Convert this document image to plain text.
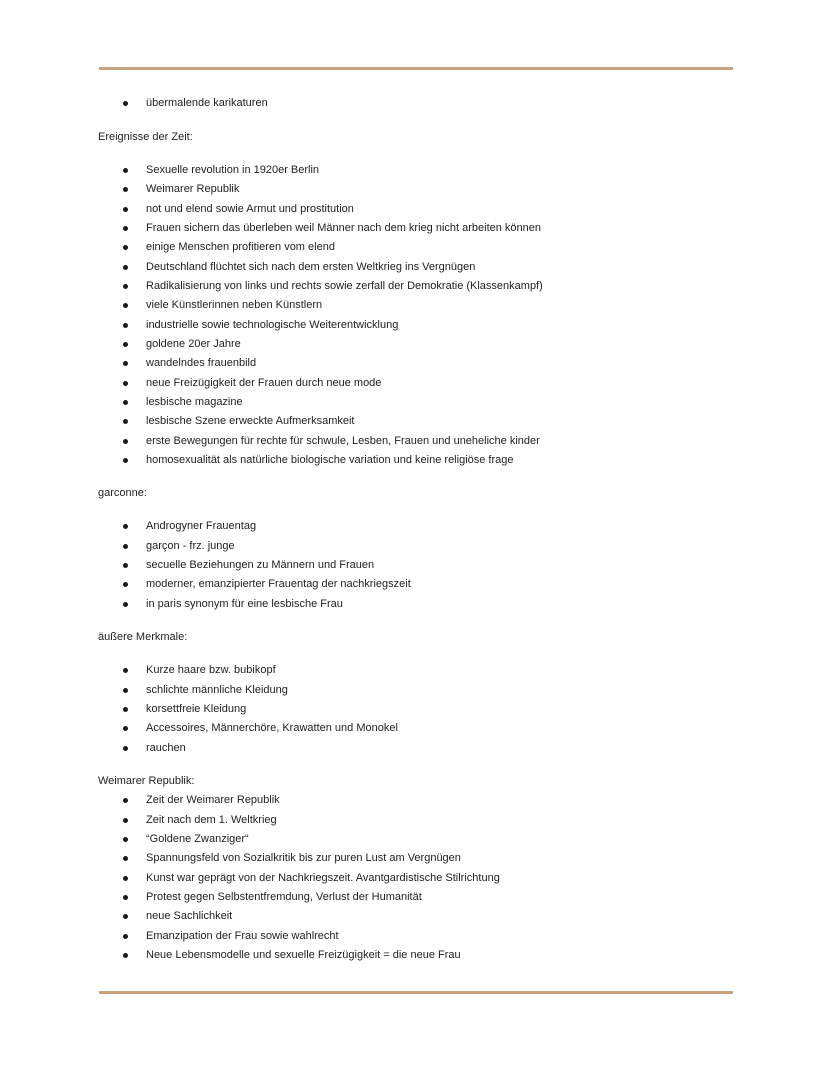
übermalende karikaturen
Ereignisse der Zeit:
Sexuelle revolution in 1920er Berlin
Weimarer Republik
not und elend sowie Armut und prostitution
Frauen sichern das überleben weil Männer nach dem krieg nicht arbeiten können
einige Menschen profitieren vom elend
Deutschland flüchtet sich nach dem ersten Weltkrieg ins Vergnügen
Radikalisierung von links und rechts sowie zerfall der Demokratie (Klassenkampf)
viele Künstlerinnen neben Künstlern
industrielle sowie technologische Weiterentwicklung
goldene 20er Jahre
wandelndes frauenbild
neue Freizügigkeit der Frauen durch neue mode
lesbische magazine
lesbische Szene erweckte Aufmerksamkeit
erste Bewegungen für rechte für schwule, Lesben, Frauen und uneheliche kinder
homosexualität als natürliche biologische variation und keine religiöse frage
garconne:
Androgyner Frauentag
garçon - frz. junge
secuelle Beziehungen zu Männern und Frauen
moderner, emanzipierter Frauentag der nachkriegszeit
in paris synonym für eine lesbische Frau
äußere Merkmale:
Kurze haare bzw. bubikopf
schlichte männliche Kleidung
korsettfreie Kleidung
Accessoires, Männerchöre, Krawatten und Monokel
rauchen
Weimarer Republik:
Zeit der Weimarer Republik
Zeit nach dem 1. Weltkrieg
“Goldene Zwanziger“
Spannungsfeld von Sozialkritik bis zur puren Lust am Vergnügen
Kunst war geprägt von der Nachkriegszeit. Avantgardistische Stilrichtung
Protest gegen Selbstentfremdung, Verlust der Humanität
neue Sachlichkeit
Emanzipation der Frau sowie wahlrecht
Neue Lebensmodelle und sexuelle Freizügigkeit = die neue Frau
